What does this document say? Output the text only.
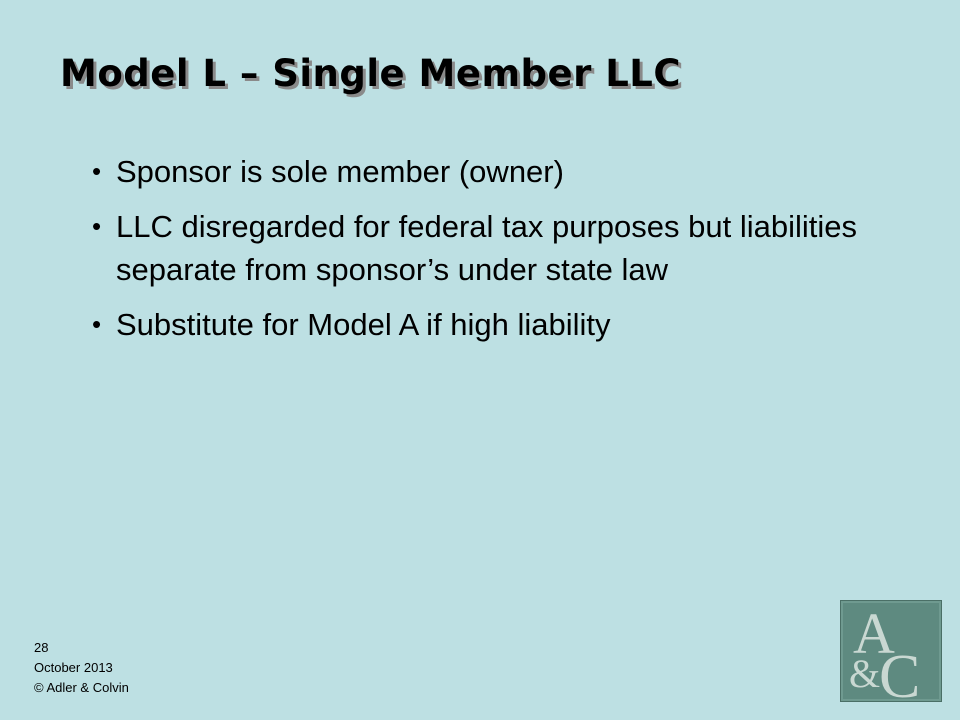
Model L – Single Member LLC
• Sponsor is sole member (owner)
• LLC disregarded for federal tax purposes but liabilities separate from sponsor’s under state law
• Substitute for Model A if high liability
28
October 2013
© Adler & Colvin
A
&
C
